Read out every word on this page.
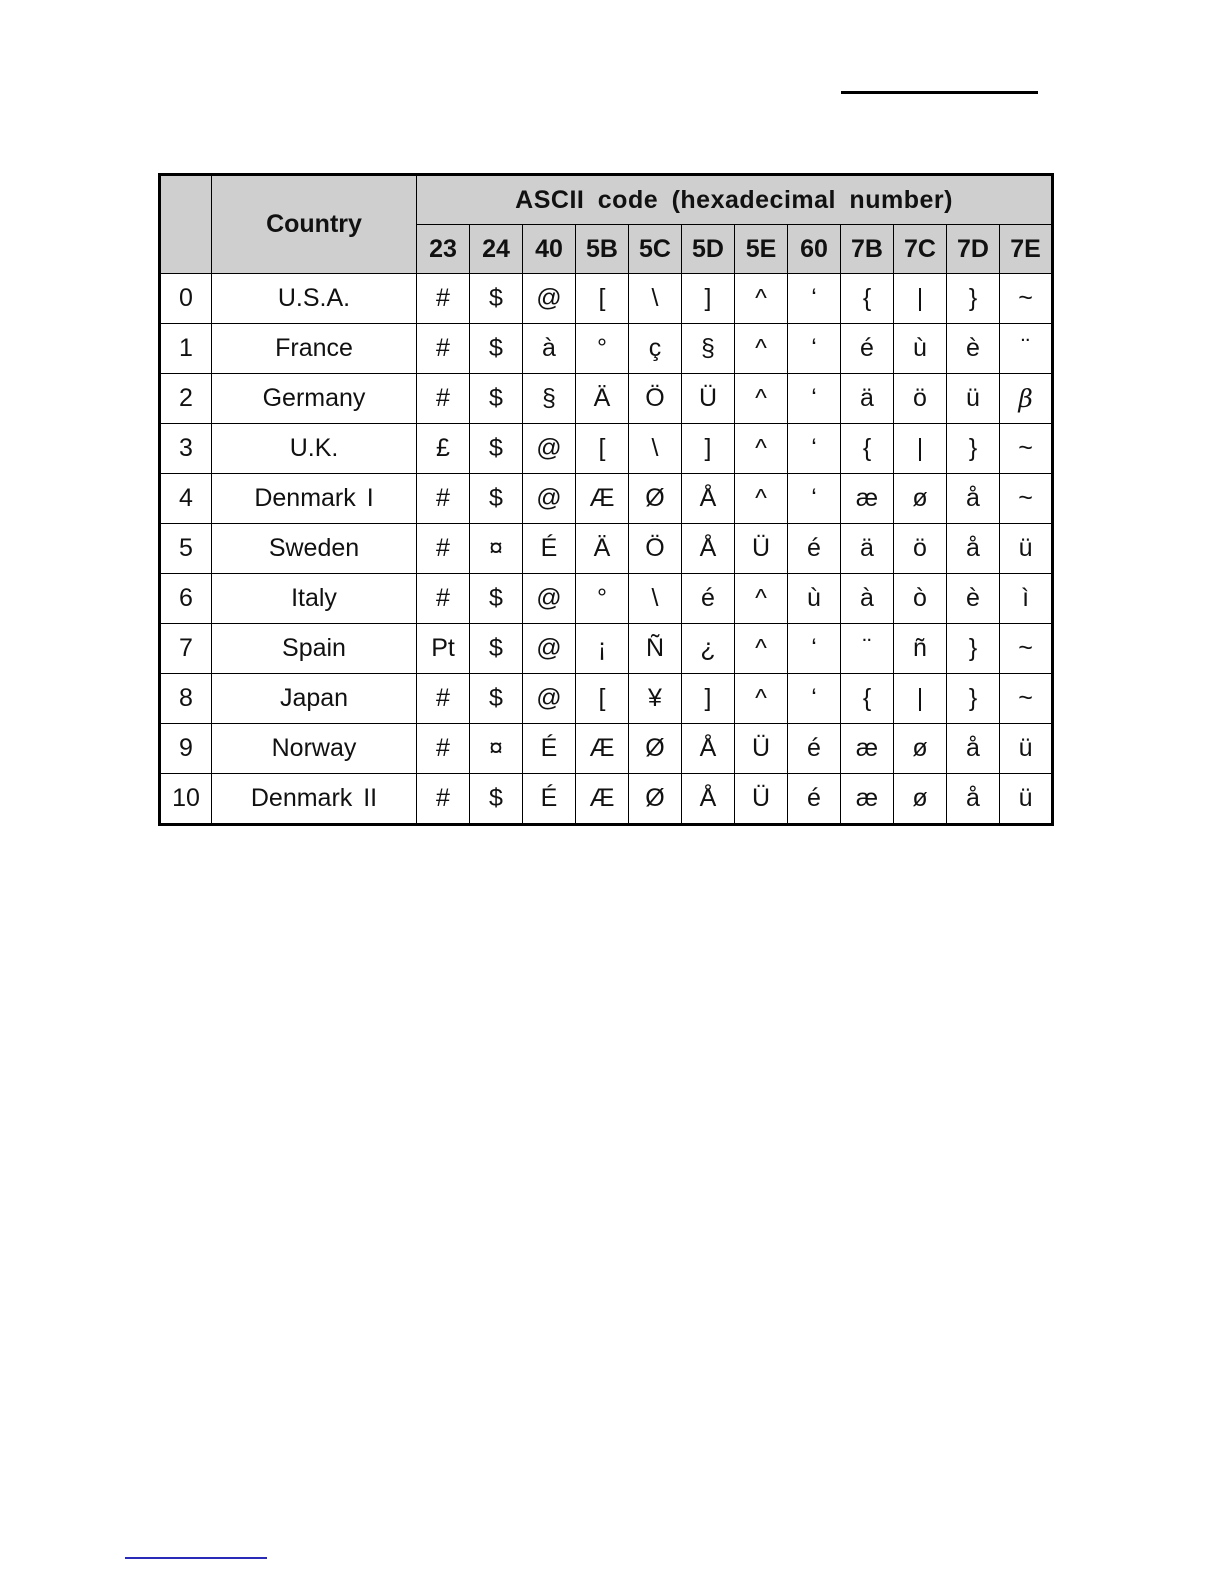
	Country	ASCII code (hexadecimal number)											
		23	24	40	5B	5C	5D	5E	60	7B	7C	7D	7E
0	U.S.A.	#	$	@	[	\	]	^	‘	{	|	}	~
1	France	#	$	à	°	ç	§	^	‘	é	ù	è	¨
2	Germany	#	$	§	Ä	Ö	Ü	^	‘	ä	ö	ü	β
3	U.K.	£	$	@	[	\	]	^	‘	{	|	}	~
4	Denmark I	#	$	@	Æ	Ø	Å	^	‘	æ	ø	å	~
5	Sweden	#	¤	É	Ä	Ö	Å	Ü	é	ä	ö	å	ü
6	Italy	#	$	@	°	\	é	^	ù	à	ò	è	ì
7	Spain	Pt	$	@	¡	Ñ	¿	^	‘	¨	ñ	}	~
8	Japan	#	$	@	[	¥	]	^	‘	{	|	}	~
9	Norway	#	¤	É	Æ	Ø	Å	Ü	é	æ	ø	å	ü
10	Denmark II	#	$	É	Æ	Ø	Å	Ü	é	æ	ø	å	ü
